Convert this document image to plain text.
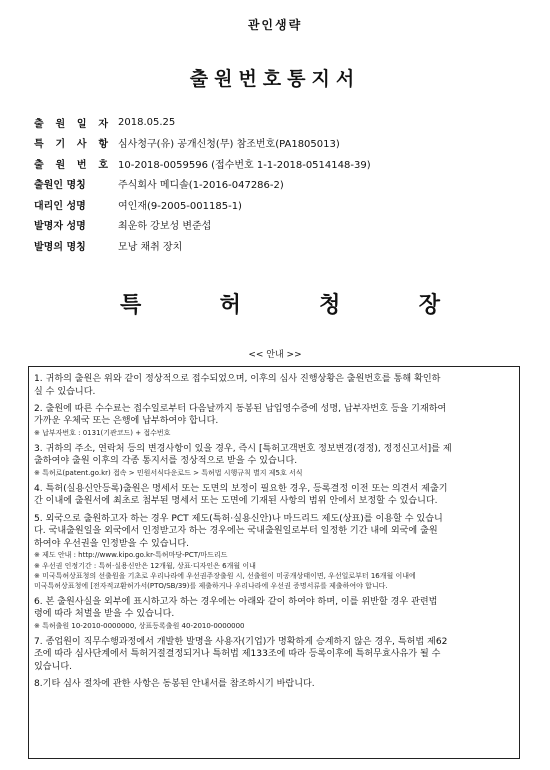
관인생략
출원번호통지서
출 원 일 자 2018.05.25
특 기 사 항 심사청구(유) 공개신청(무) 참조번호(PA1805013)
출 원 번 호 10-2018-0059596 (접수번호 1-1-2018-0514148-39)
출원인 명칭	주식회사 메디솔(1-2016-047286-2)
대리인 성명	여인재(9-2005-001185-1)
발명자 성명	최운하 강보성 변준섭
발명의 명칭	모낭 채취 장치
특	허	청	장
<< 안내 >>

1. 귀하의 출원은 위와 같이 정상적으로 접수되었으며, 이후의 심사 진행상황은 출원번호를 통해 확인하

실 수 있습니다.

2. 출원에 따른 수수료는 접수일로부터 다음날까지 동봉된 납입영수증에 성명, 납부자번호 등을 기재하여

가까운 우체국 또는 은행에 납부하여야 합니다.

※ 납부자번호 : 0131(기관코드) + 접수번호

3. 귀하의 주소, 연락처 등의 변경사항이 있을 경우, 즉시 [특허고객번호 정보변경(경정), 정정신고서]를 제

출하여야 출원 이후의 각종 통지서를 정상적으로 받을 수 있습니다.

※ 특허로(patent.go.kr) 접속 > 민원서식다운로드 > 특허법 시행규칙 별지 제5호 서식

4. 특허(실용신안등록)출원은 명세서 또는 도면의 보정이 필요한 경우, 등록결정 이전 또는 의견서 제출기

간 이내에 출원서에 최초로 첨부된 명세서 또는 도면에 기재된 사항의 범위 안에서 보정할 수 있습니다.

5. 외국으로 출원하고자 하는 경우 PCT 제도(특허·실용신안)나 마드리드 제도(상표)를 이용할 수 있습니

다. 국내출원일을 외국에서 인정받고자 하는 경우에는 국내출원일로부터 일정한 기간 내에 외국에 출원

하여야 우선권을 인정받을 수 있습니다.

※ 제도 안내 : http://www.kipo.go.kr-특허마당-PCT/마드리드

※ 우선권 인정기간 : 특허·실용신안은 12개월, 상표·디자인은 6개월 이내

※ 미국특허상표청의 선출원을 기초로 우리나라에 우선권주장출원 시, 선출원이 미공개상태이면, 우선일로부터 16개월 이내에

미국특허상표청에 [전자적교환허가서(PTO/SB/39)를 제출하거나 우리나라에 우선권 증명서류를 제출하여야 합니다.

6. 본 출원사실을 외부에 표시하고자 하는 경우에는 아래와 같이 하여야 하며, 이를 위반할 경우 관련법

령에 따라 처벌을 받을 수 있습니다.

※ 특허출원 10-2010-0000000, 상표등록출원 40-2010-0000000

7. 종업원이 직무수행과정에서 개발한 발명을 사용자(기업)가 명확하게 승계하지 않은 경우, 특허법 제62

조에 따라 심사단계에서 특허거절결정되거나 특허법 제133조에 따라 등록이후에 특허무효사유가 될 수

있습니다.

8.기타 심사 절차에 관한 사항은 동봉된 안내서를 참조하시기 바랍니다.
